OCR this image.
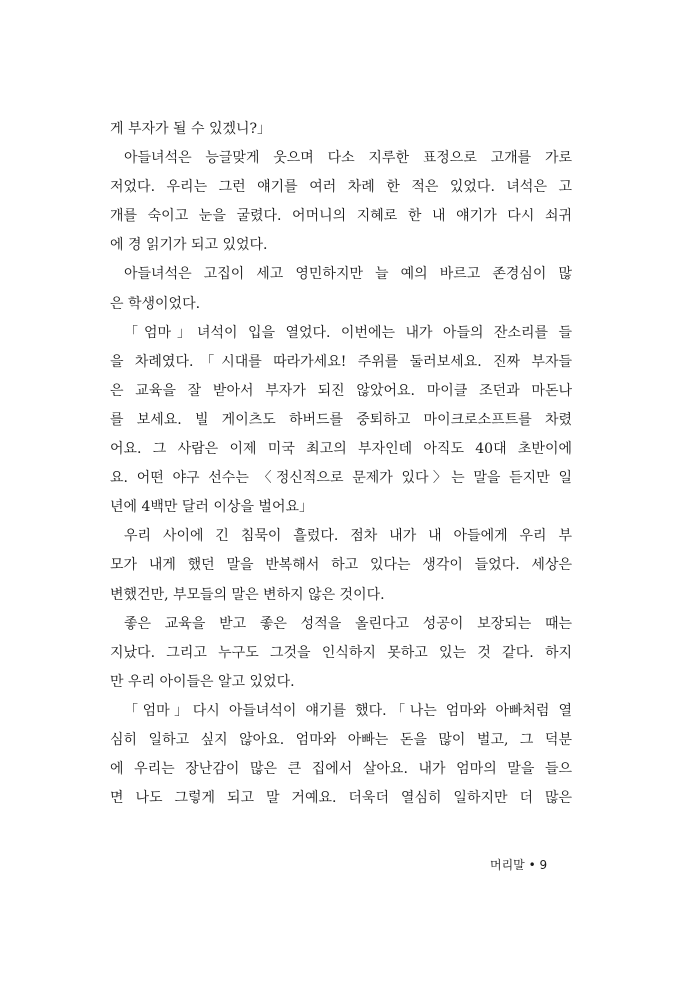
게 부자가 될 수 있겠니?」
아들녀석은 능글맞게 웃으며 다소 지루한 표정으로 고개를 가로
저었다. 우리는 그런 얘기를 여러 차례 한 적은 있었다. 녀석은 고
개를 숙이고 눈을 굴렸다. 어머니의 지혜로 한 내 얘기가 다시 쇠귀
에 경 읽기가 되고 있었다.
아들녀석은 고집이 세고 영민하지만 늘 예의 바르고 존경심이 많
은 학생이었다.
「엄마」녀석이 입을 열었다. 이번에는 내가 아들의 잔소리를 들
을 차례였다.「시대를 따라가세요! 주위를 둘러보세요. 진짜 부자들
은 교육을 잘 받아서 부자가 되진 않았어요. 마이클 조던과 마돈나
를 보세요. 빌 게이츠도 하버드를 중퇴하고 마이크로소프트를 차렸
어요. 그 사람은 이제 미국 최고의 부자인데 아직도 40대 초반이에
요. 어떤 야구 선수는 〈정신적으로 문제가 있다〉는 말을 듣지만 일
년에 4백만 달러 이상을 벌어요」
우리 사이에 긴 침묵이 흘렀다. 점차 내가 내 아들에게 우리 부
모가 내게 했던 말을 반복해서 하고 있다는 생각이 들었다. 세상은
변했건만, 부모들의 말은 변하지 않은 것이다.
좋은 교육을 받고 좋은 성적을 올린다고 성공이 보장되는 때는
지났다. 그리고 누구도 그것을 인식하지 못하고 있는 것 같다. 하지
만 우리 아이들은 알고 있었다.
「엄마」다시 아들녀석이 얘기를 했다.「나는 엄마와 아빠처럼 열
심히 일하고 싶지 않아요. 엄마와 아빠는 돈을 많이 벌고, 그 덕분
에 우리는 장난감이 많은 큰 집에서 살아요. 내가 엄마의 말을 들으
면 나도 그렇게 되고 말 거예요. 더욱더 열심히 일하지만 더 많은
머리말 • 9
